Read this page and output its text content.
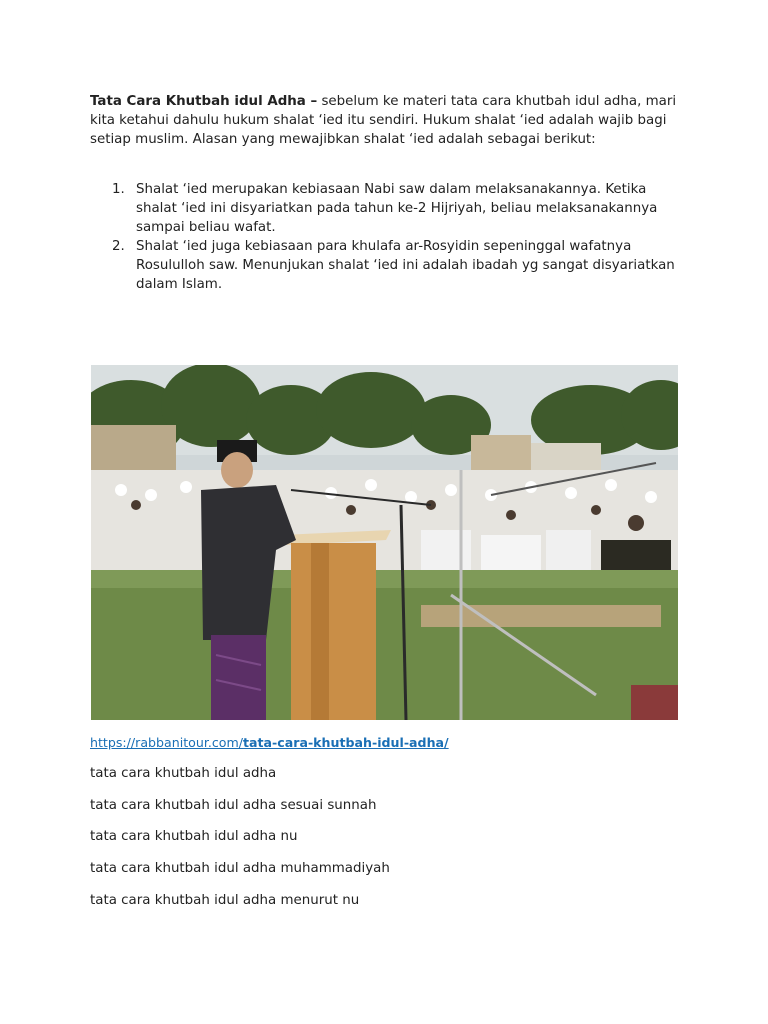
Tata Cara Khutbah idul Adha – sebelum ke materi tata cara khutbah idul adha, mari kita ketahui dahulu hukum shalat ‘ied itu sendiri. Hukum shalat ‘ied adalah wajib bagi setiap muslim. Alasan yang mewajibkan shalat ‘ied adalah sebagai berikut:

1. Shalat ‘ied merupakan kebiasaan Nabi saw dalam melaksanakannya. Ketika shalat ‘ied ini disyariatkan pada tahun ke-2 Hijriyah, beliau melaksanakannya sampai beliau wafat.
2. Shalat ‘ied juga kebiasaan para khulafa ar-Rosyidin sepeninggal wafatnya Rosululloh saw. Menunjukan shalat ‘ied ini adalah ibadah yg sangat disyariatkan dalam Islam.
https://rabbanitour.com/tata-cara-khutbah-idul-adha/

tata cara khutbah idul adha

tata cara khutbah idul adha sesuai sunnah

tata cara khutbah idul adha nu

tata cara khutbah idul adha muhammadiyah

tata cara khutbah idul adha menurut nu
